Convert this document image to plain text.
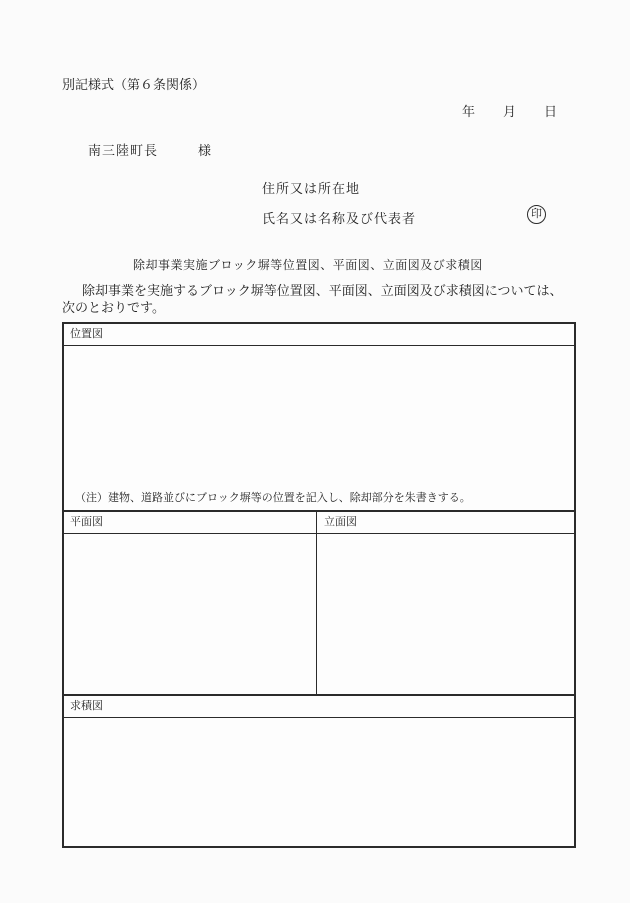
別記様式（第６条関係）
年 月 日
南三陸町長	様
住所又は所在地
氏名又は名称及び代表者	印
除却事業実施ブロック塀等位置図、平面図、立面図及び求積図
除却事業を実施するブロック塀等位置図、平面図、立面図及び求積図については、
次のとおりです。
位置図
（注）建物、道路並びにブロック塀等の位置を記入し、除却部分を朱書きする。
平面図	立面図
求積図
